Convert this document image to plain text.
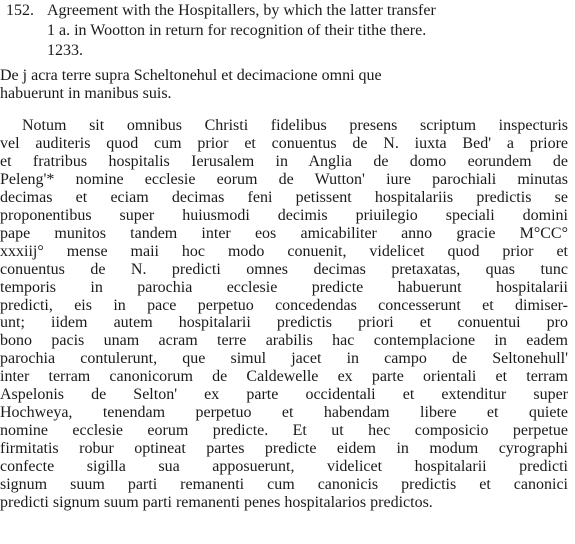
152. Agreement with the Hospitallers, by which the latter transfer
1 a. in Wootton in return for recognition of their tithe there.
1233.
De j acra terre supra Scheltonehul et decimacione omni que
habuerunt in manibus suis.
Notum sit omnibus Christi fidelibus presens scriptum inspecturis
vel auditeris quod cum prior et conuentus de N. iuxta Bed' a priore
et fratribus hospitalis Ierusalem in Anglia de domo eorundem de
Peleng'* nomine ecclesie eorum de Wutton' iure parochiali minutas
decimas et eciam decimas feni petissent hospitalariis predictis se
proponentibus super huiusmodi decimis priuilegio speciali domini
pape munitos tandem inter eos amicabiliter anno gracie M°CC°
xxxiij° mense maii hoc modo conuenit, videlicet quod prior et
conuentus de N. predicti omnes decimas pretaxatas, quas tunc
temporis in parochia ecclesie predicte habuerunt hospitalarii
predicti, eis in pace perpetuo concedendas concesserunt et dimiser-
unt; iidem autem hospitalarii predictis priori et conuentui pro
bono pacis unam acram terre arabilis hac contemplacione in eadem
parochia contulerunt, que simul jacet in campo de Seltonehull'
inter terram canonicorum de Caldewelle ex parte orientali et terram
Aspelonis de Selton' ex parte occidentali et extenditur super
Hochweya, tenendam perpetuo et habendam libere et quiete
nomine ecclesie eorum predicte. Et ut hec composicio perpetue
firmitatis robur optineat partes predicte eidem in modum cyrographi
confecte sigilla sua apposuerunt, videlicet hospitalarii predicti
signum suum parti remanenti cum canonicis predictis et canonici
predicti signum suum parti remanenti penes hospitalarios predictos.
